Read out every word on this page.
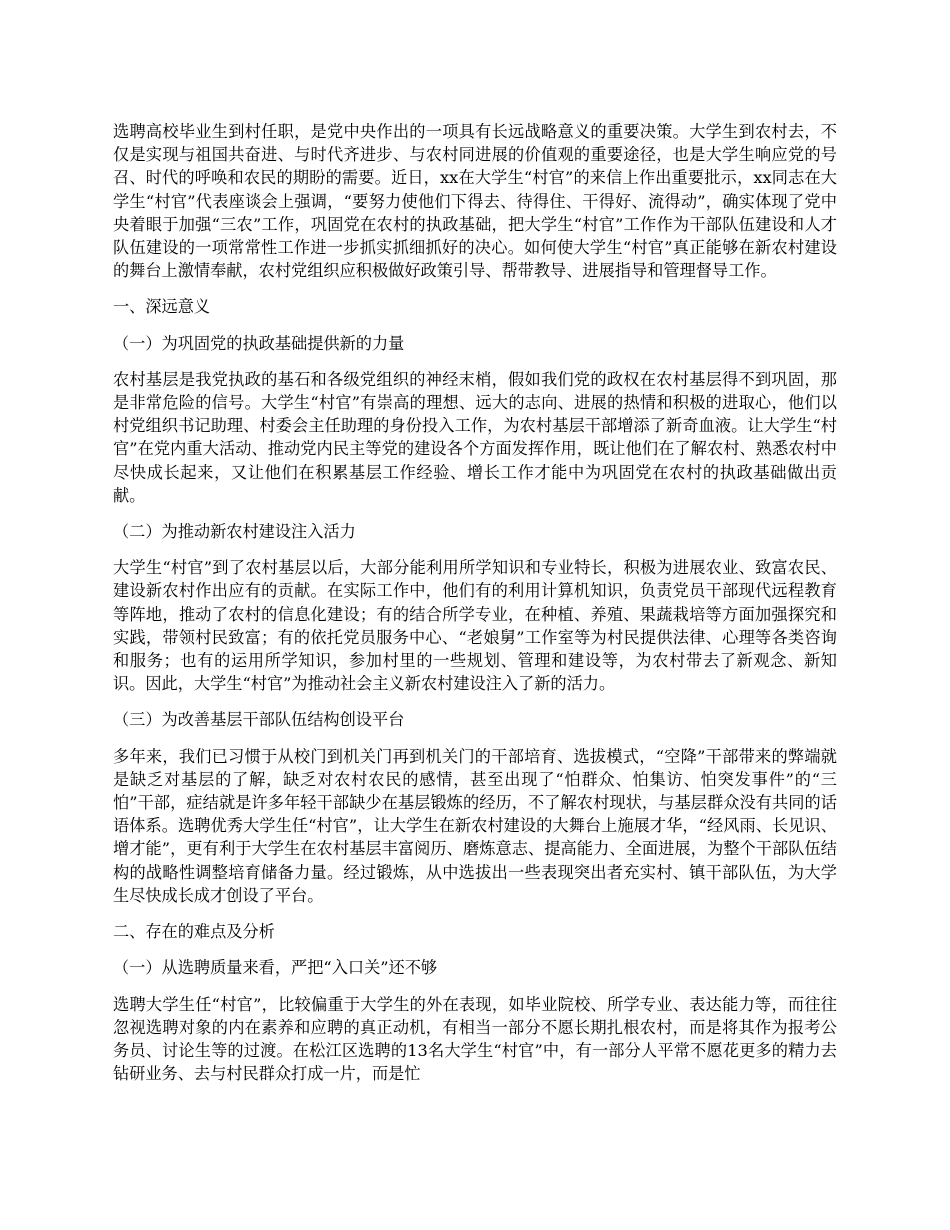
选聘高校毕业生到村任职，是党中央作出的一项具有长远战略意义的重要决策。大学生到农村去，不仅是实现与祖国共奋进、与时代齐进步、与农村同进展的价值观的重要途径，也是大学生响应党的号召、时代的呼唤和农民的期盼的需要。近日，xx在大学生“村官”的来信上作出重要批示，xx同志在大学生“村官”代表座谈会上强调，“要努力使他们下得去、待得住、干得好、流得动”，确实体现了党中央着眼于加强“三农”工作，巩固党在农村的执政基础，把大学生“村官”工作作为干部队伍建设和人才队伍建设的一项常常性工作进一步抓实抓细抓好的决心。如何使大学生“村官”真正能够在新农村建设的舞台上激情奉献，农村党组织应积极做好政策引导、帮带教导、进展指导和管理督导工作。

一、深远意义

（一）为巩固党的执政基础提供新的力量

农村基层是我党执政的基石和各级党组织的神经末梢，假如我们党的政权在农村基层得不到巩固，那是非常危险的信号。大学生“村官”有崇高的理想、远大的志向、进展的热情和积极的进取心，他们以村党组织书记助理、村委会主任助理的身份投入工作，为农村基层干部增添了新奇血液。让大学生“村官”在党内重大活动、推动党内民主等党的建设各个方面发挥作用，既让他们在了解农村、熟悉农村中尽快成长起来，又让他们在积累基层工作经验、增长工作才能中为巩固党在农村的执政基础做出贡献。

（二）为推动新农村建设注入活力

大学生“村官”到了农村基层以后，大部分能利用所学知识和专业特长，积极为进展农业、致富农民、建设新农村作出应有的贡献。在实际工作中，他们有的利用计算机知识，负责党员干部现代远程教育等阵地，推动了农村的信息化建设；有的结合所学专业，在种植、养殖、果蔬栽培等方面加强探究和实践，带领村民致富；有的依托党员服务中心、“老娘舅”工作室等为村民提供法律、心理等各类咨询和服务；也有的运用所学知识，参加村里的一些规划、管理和建设等，为农村带去了新观念、新知识。因此，大学生“村官”为推动社会主义新农村建设注入了新的活力。

（三）为改善基层干部队伍结构创设平台

多年来，我们已习惯于从校门到机关门再到机关门的干部培育、选拔模式，“空降”干部带来的弊端就是缺乏对基层的了解，缺乏对农村农民的感情，甚至出现了“怕群众、怕集访、怕突发事件”的“三怕”干部，症结就是许多年轻干部缺少在基层锻炼的经历，不了解农村现状，与基层群众没有共同的话语体系。选聘优秀大学生任“村官”，让大学生在新农村建设的大舞台上施展才华，“经风雨、长见识、增才能”，更有利于大学生在农村基层丰富阅历、磨炼意志、提高能力、全面进展，为整个干部队伍结构的战略性调整培育储备力量。经过锻炼，从中选拔出一些表现突出者充实村、镇干部队伍，为大学生尽快成长成才创设了平台。

二、存在的难点及分析

（一）从选聘质量来看，严把“入口关”还不够

选聘大学生任“村官”，比较偏重于大学生的外在表现，如毕业院校、所学专业、表达能力等，而往往忽视选聘对象的内在素养和应聘的真正动机，有相当一部分不愿长期扎根农村，而是将其作为报考公务员、讨论生等的过渡。在松江区选聘的13名大学生“村官”中，有一部分人平常不愿花更多的精力去钻研业务、去与村民群众打成一片，而是忙
